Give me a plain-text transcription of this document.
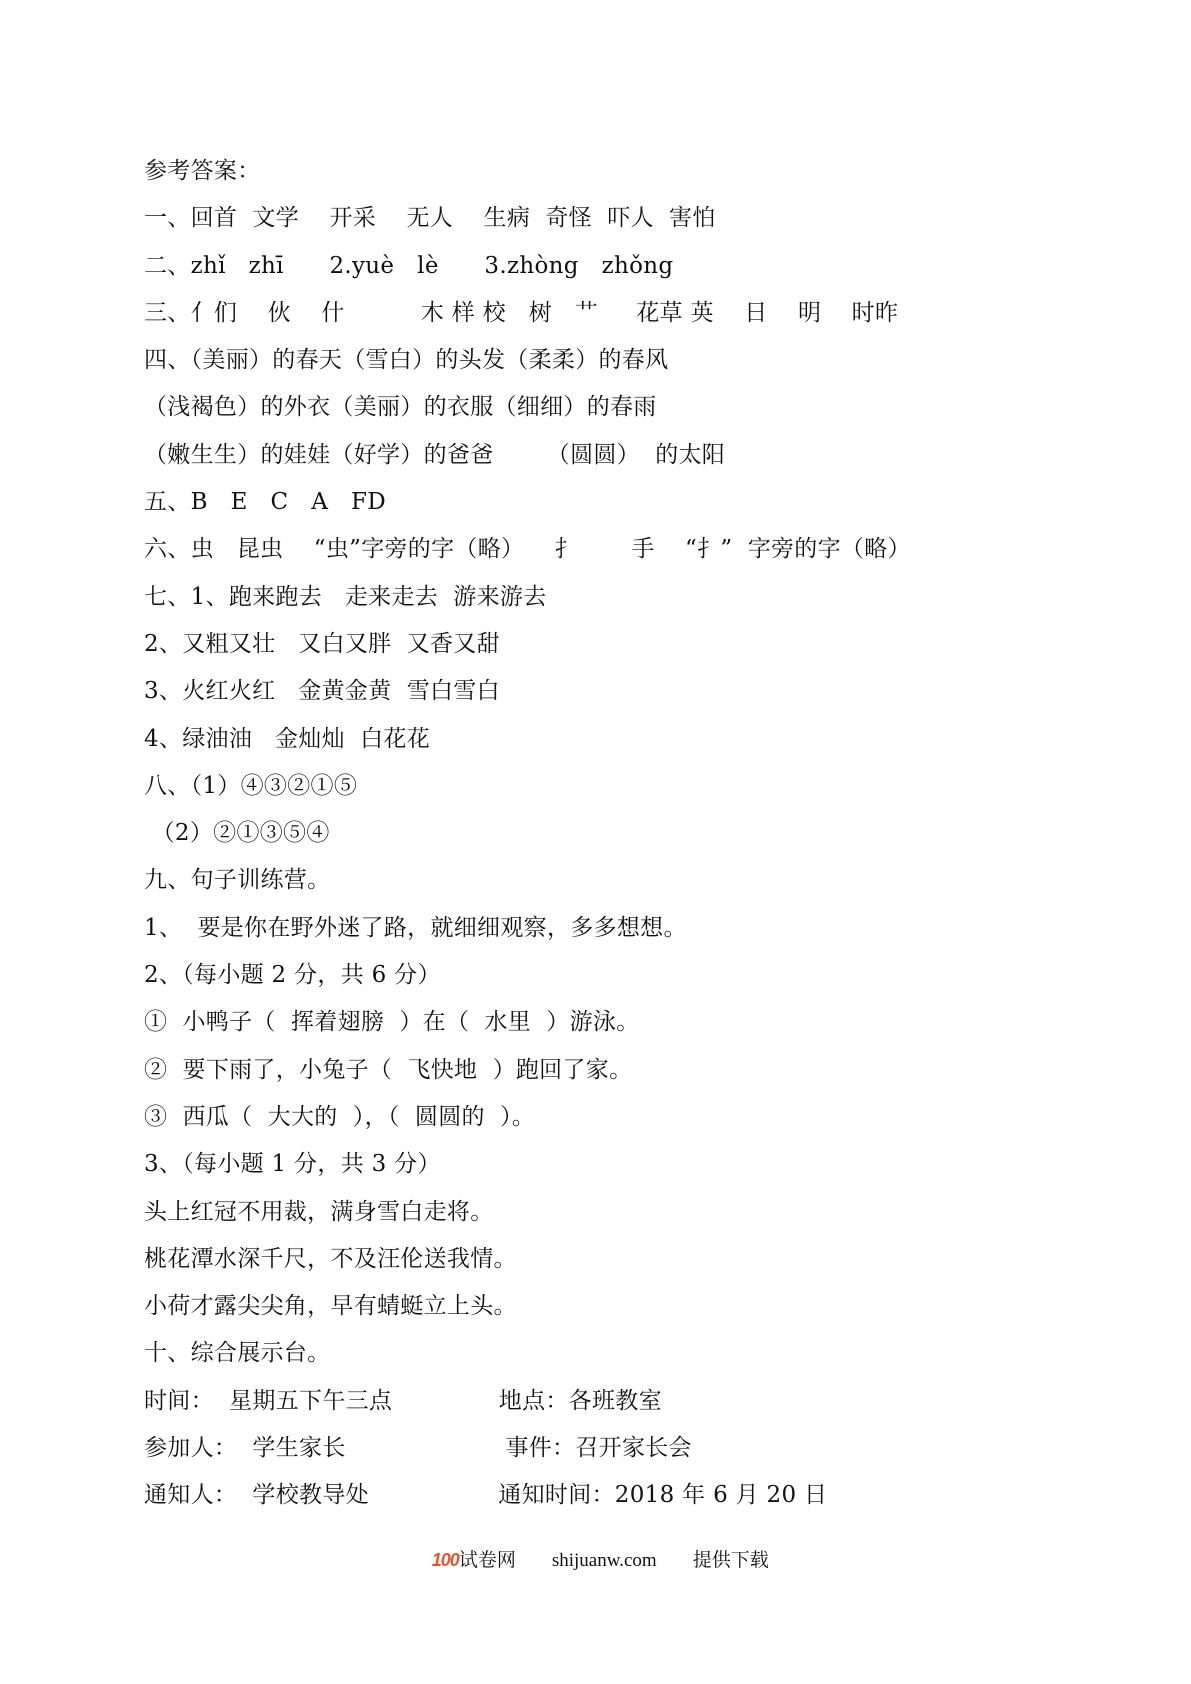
参考答案：
一、回首  文学    开采    无人    生病  奇怪  吓人  害怕
二、zhǐ   zhī      2.yuè   lè      3.zhòng   zhǒng
三、亻们    伙    什          木 样 校   树   艹     花草 英    日    明    时昨
四、（美丽）的春天（雪白）的头发（柔柔）的春风
（浅褐色）的外衣（美丽）的衣服（细细）的春雨
（嫩生生）的娃娃（好学）的爸爸       （圆圆）  的太阳
五、B   E   C   A   FD
六、虫   昆虫    “虫”字旁的字（略）    扌       手    “扌”  字旁的字（略）
七、1、跑来跑去   走来走去  游来游去
2、又粗又壮   又白又胖  又香又甜
3、火红火红   金黄金黄  雪白雪白
4、绿油油   金灿灿  白花花
八、（1）④③②①⑤
（2）②①③⑤④
九、句子训练营。
1、  要是你在野外迷了路，就细细观察，多多想想。
2、（每小题 2 分，共 6 分）
①  小鸭子（  挥着翅膀  ）在（  水里  ）游泳。
②  要下雨了，小兔子（  飞快地  ）跑回了家。
③  西瓜（  大大的  ），（  圆圆的  ）。
3、（每小题 1 分，共 3 分）
头上红冠不用裁，满身雪白走将。
桃花潭水深千尺，不及汪伦送我情。
小荷才露尖尖角，早有蜻蜓立上头。
十、综合展示台。
时间：  星期五下午三点              地点：各班教室
参加人：  学生家长                     事件：召开家长会
通知人：  学校教导处                 通知时间：2018 年 6 月 20 日

100试卷网 shijuanw.com 提供下载
